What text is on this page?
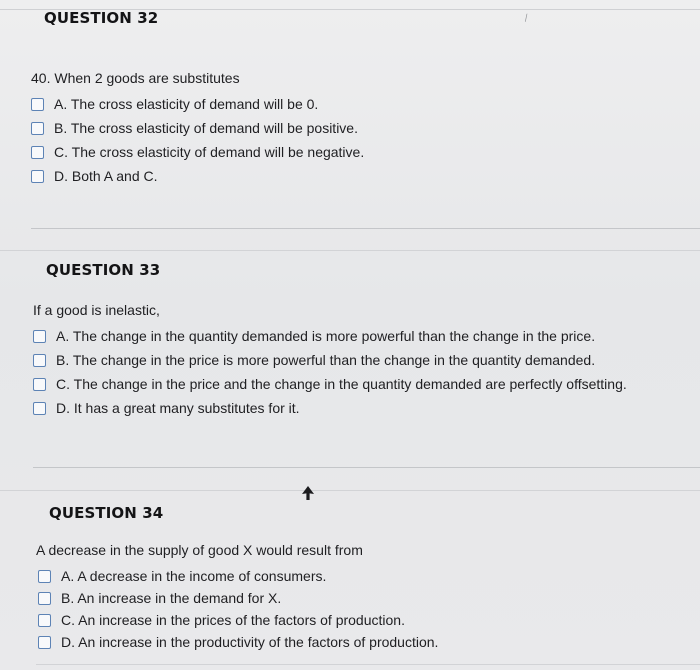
⁄
QUESTION 32
40. When 2 goods are substitutes
A. The cross elasticity of demand will be 0.
B. The cross elasticity of demand will be positive.
C. The cross elasticity of demand will be negative.
D. Both A and C.
QUESTION 33
If a good is inelastic,
A. The change in the quantity demanded is more powerful than the change in the price.
B. The change in the price is more powerful than the change in the quantity demanded.
C. The change in the price and the change in the quantity demanded are perfectly offsetting.
D. It has a great many substitutes for it.
QUESTION 34
A decrease in the supply of good X would result from
A. A decrease in the income of consumers.
B. An increase in the demand for X.
C. An increase in the prices of the factors of production.
D. An increase in the productivity of the factors of production.
